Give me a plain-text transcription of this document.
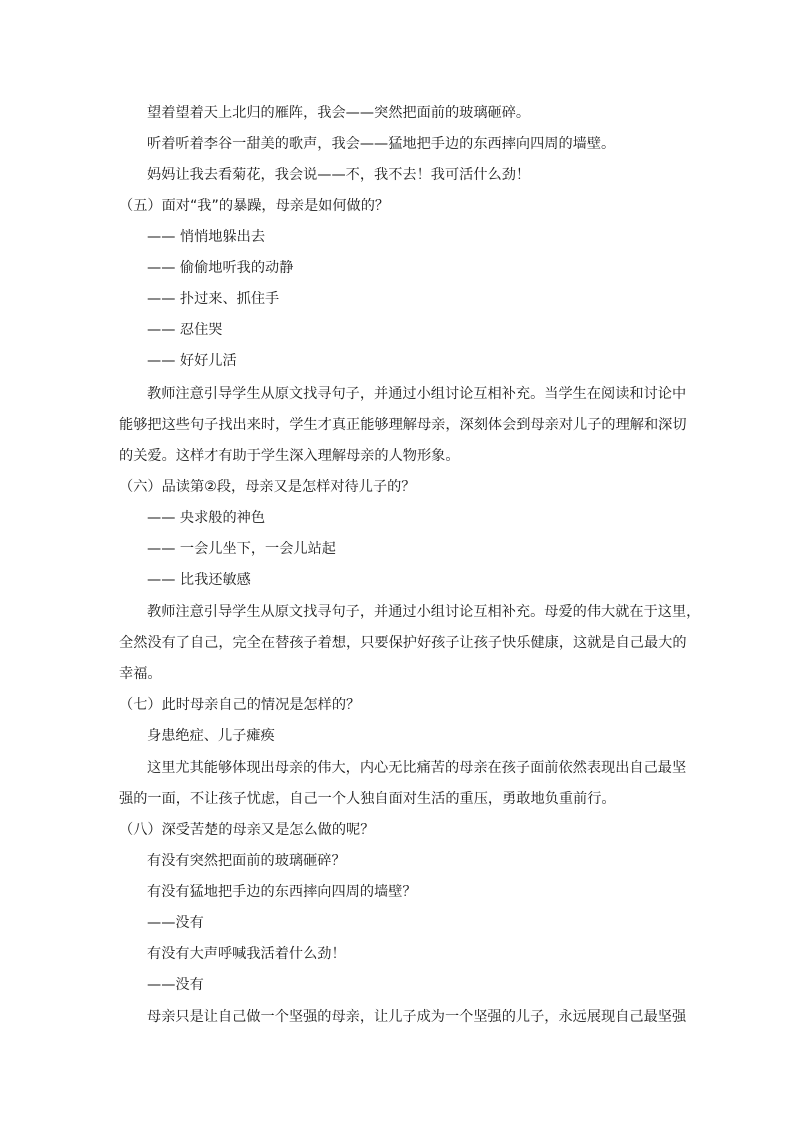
望着望着天上北归的雁阵，我会——突然把面前的玻璃砸碎。
听着听着李谷一甜美的歌声，我会——猛地把手边的东西摔向四周的墙壁。
妈妈让我去看菊花，我会说——不，我不去！我可活什么劲！
（五）面对“我”的暴躁，母亲是如何做的？
—— 悄悄地躲出去
—— 偷偷地听我的动静
—— 扑过来、抓住手
—— 忍住哭
—— 好好儿活
教师注意引导学生从原文找寻句子，并通过小组讨论互相补充。当学生在阅读和讨论中
能够把这些句子找出来时，学生才真正能够理解母亲，深刻体会到母亲对儿子的理解和深切
的关爱。这样才有助于学生深入理解母亲的人物形象。
（六）品读第②段，母亲又是怎样对待儿子的？
—— 央求般的神色
—— 一会儿坐下，一会儿站起
—— 比我还敏感
教师注意引导学生从原文找寻句子，并通过小组讨论互相补充。母爱的伟大就在于这里，
全然没有了自己，完全在替孩子着想，只要保护好孩子让孩子快乐健康，这就是自己最大的
幸福。
（七）此时母亲自己的情况是怎样的？
身患绝症、儿子瘫痪
这里尤其能够体现出母亲的伟大，内心无比痛苦的母亲在孩子面前依然表现出自己最坚
强的一面，不让孩子忧虑，自己一个人独自面对生活的重压，勇敢地负重前行。
（八）深受苦楚的母亲又是怎么做的呢？
有没有突然把面前的玻璃砸碎？
有没有猛地把手边的东西摔向四周的墙壁？
——没有
有没有大声呼喊我活着什么劲！
——没有
母亲只是让自己做一个坚强的母亲，让儿子成为一个坚强的儿子，永远展现自己最坚强
